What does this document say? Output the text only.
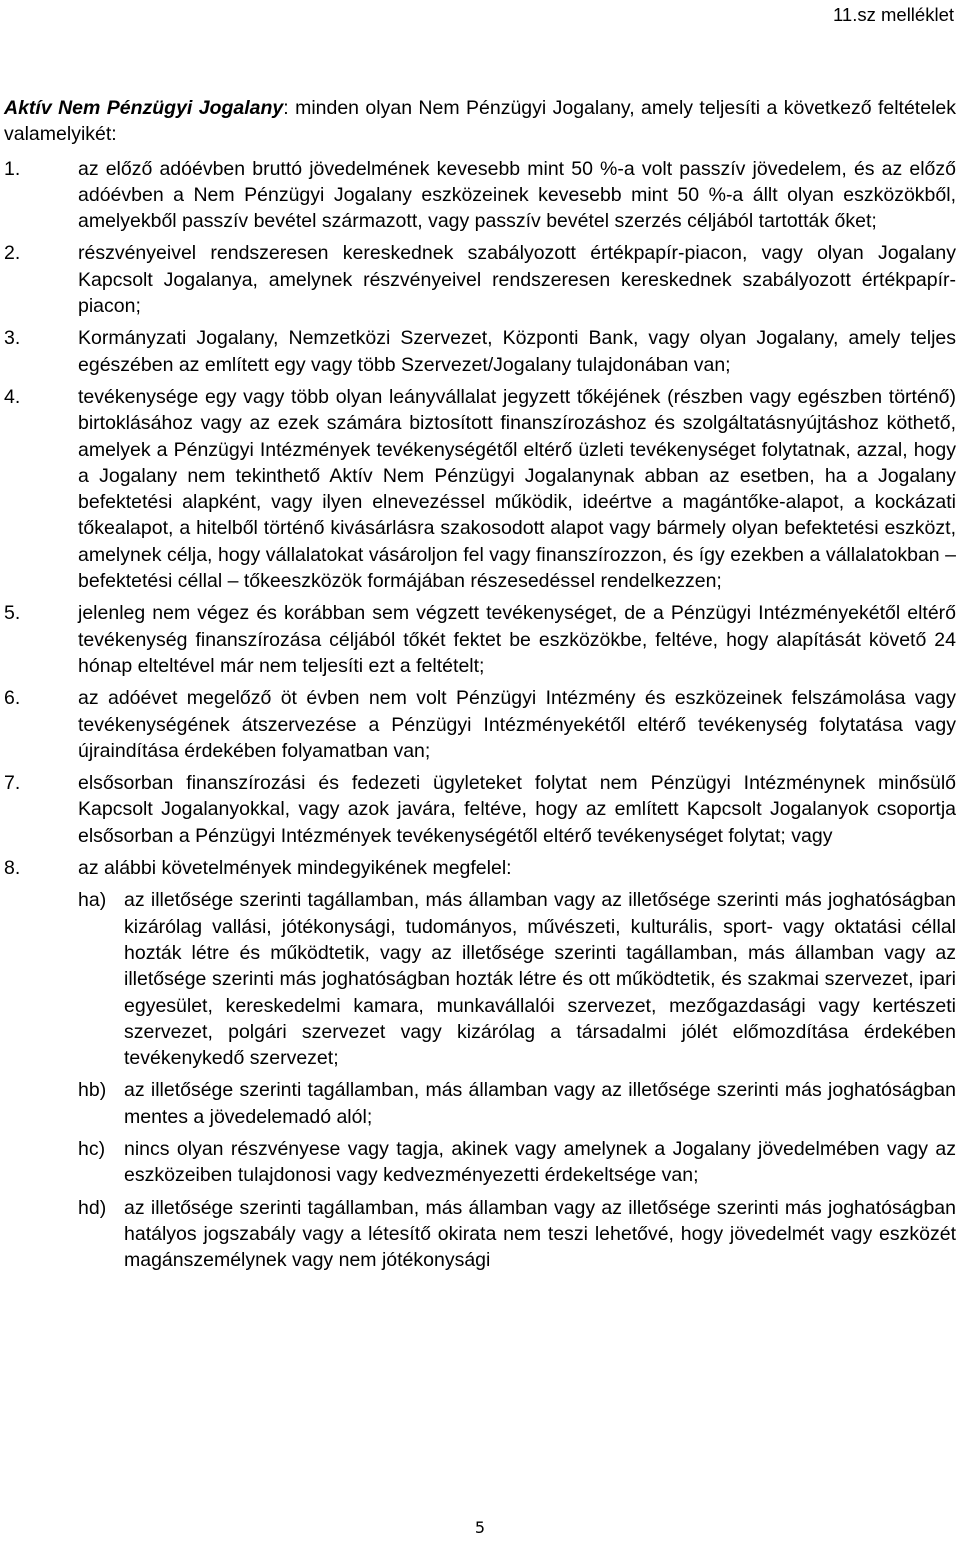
11.sz melléklet

Aktív Nem Pénzügyi Jogalany: minden olyan Nem Pénzügyi Jogalany, amely teljesíti a következő feltételek valamelyikét:

1.	az előző adóévben bruttó jövedelmének kevesebb mint 50 %-a volt passzív jövedelem, és az előző adóévben a Nem Pénzügyi Jogalany eszközeinek kevesebb mint 50 %-a állt olyan eszközökből, amelyekből passzív bevétel származott, vagy passzív bevétel szerzés céljából tartották őket;
2.	részvényeivel rendszeresen kereskednek szabályozott értékpapír-piacon, vagy olyan Jogalany Kapcsolt Jogalanya, amelynek részvényeivel rendszeresen kereskednek szabályozott értékpapír-piacon;
3.	Kormányzati Jogalany, Nemzetközi Szervezet, Központi Bank, vagy olyan Jogalany, amely teljes egészében az említett egy vagy több Szervezet/Jogalany tulajdonában van;
4.	tevékenysége egy vagy több olyan leányvállalat jegyzett tőkéjének (részben vagy egészben történő) birtoklásához vagy az ezek számára biztosított finanszírozáshoz és szolgáltatásnyújtáshoz köthető, amelyek a Pénzügyi Intézmények tevékenységétől eltérő üzleti tevékenységet folytatnak, azzal, hogy a Jogalany nem tekinthető Aktív Nem Pénzügyi Jogalanynak abban az esetben, ha a Jogalany befektetési alapként, vagy ilyen elnevezéssel működik, ideértve a magántőke-alapot, a kockázati tőkealapot, a hitelből történő kivásárlásra szakosodott alapot vagy bármely olyan befektetési eszközt, amelynek célja, hogy vállalatokat vásároljon fel vagy finanszírozzon, és így ezekben a vállalatokban – befektetési céllal – tőkeeszközök formájában részesedéssel rendelkezzen;
5.	jelenleg nem végez és korábban sem végzett tevékenységet, de a Pénzügyi Intézményekétől eltérő tevékenység finanszírozása céljából tőkét fektet be eszközökbe, feltéve, hogy alapítását követő 24 hónap elteltével már nem teljesíti ezt a feltételt;
6.	az adóévet megelőző öt évben nem volt Pénzügyi Intézmény és eszközeinek felszámolása vagy tevékenységének átszervezése a Pénzügyi Intézményekétől eltérő tevékenység folytatása vagy újraindítása érdekében folyamatban van;
7.	elsősorban finanszírozási és fedezeti ügyleteket folytat nem Pénzügyi Intézménynek minősülő Kapcsolt Jogalanyokkal, vagy azok javára, feltéve, hogy az említett Kapcsolt Jogalanyok csoportja elsősorban a Pénzügyi Intézmények tevékenységétől eltérő tevékenységet folytat; vagy
8.	az alábbi követelmények mindegyikének megfelel:
ha) az illetősége szerinti tagállamban, más államban vagy az illetősége szerinti más joghatóságban kizárólag vallási, jótékonysági, tudományos, művészeti, kulturális, sport- vagy oktatási céllal hozták létre és működtetik, vagy az illetősége szerinti tagállamban, más államban vagy az illetősége szerinti más joghatóságban hozták létre és ott működtetik, és szakmai szervezet, ipari egyesület, kereskedelmi kamara, munkavállalói szervezet, mezőgazdasági vagy kertészeti szervezet, polgári szervezet vagy kizárólag a társadalmi jólét előmozdítása érdekében tevékenykedő szervezet;
hb) az illetősége szerinti tagállamban, más államban vagy az illetősége szerinti más joghatóságban mentes a jövedelemadó alól;
hc) nincs olyan részvényese vagy tagja, akinek vagy amelynek a Jogalany jövedelmében vagy az eszközeiben tulajdonosi vagy kedvezményezetti érdekeltsége van;
hd) az illetősége szerinti tagállamban, más államban vagy az illetősége szerinti más joghatóságban hatályos jogszabály vagy a létesítő okirata nem teszi lehetővé, hogy jövedelmét vagy eszközét magánszemélynek vagy nem jótékonysági
5
